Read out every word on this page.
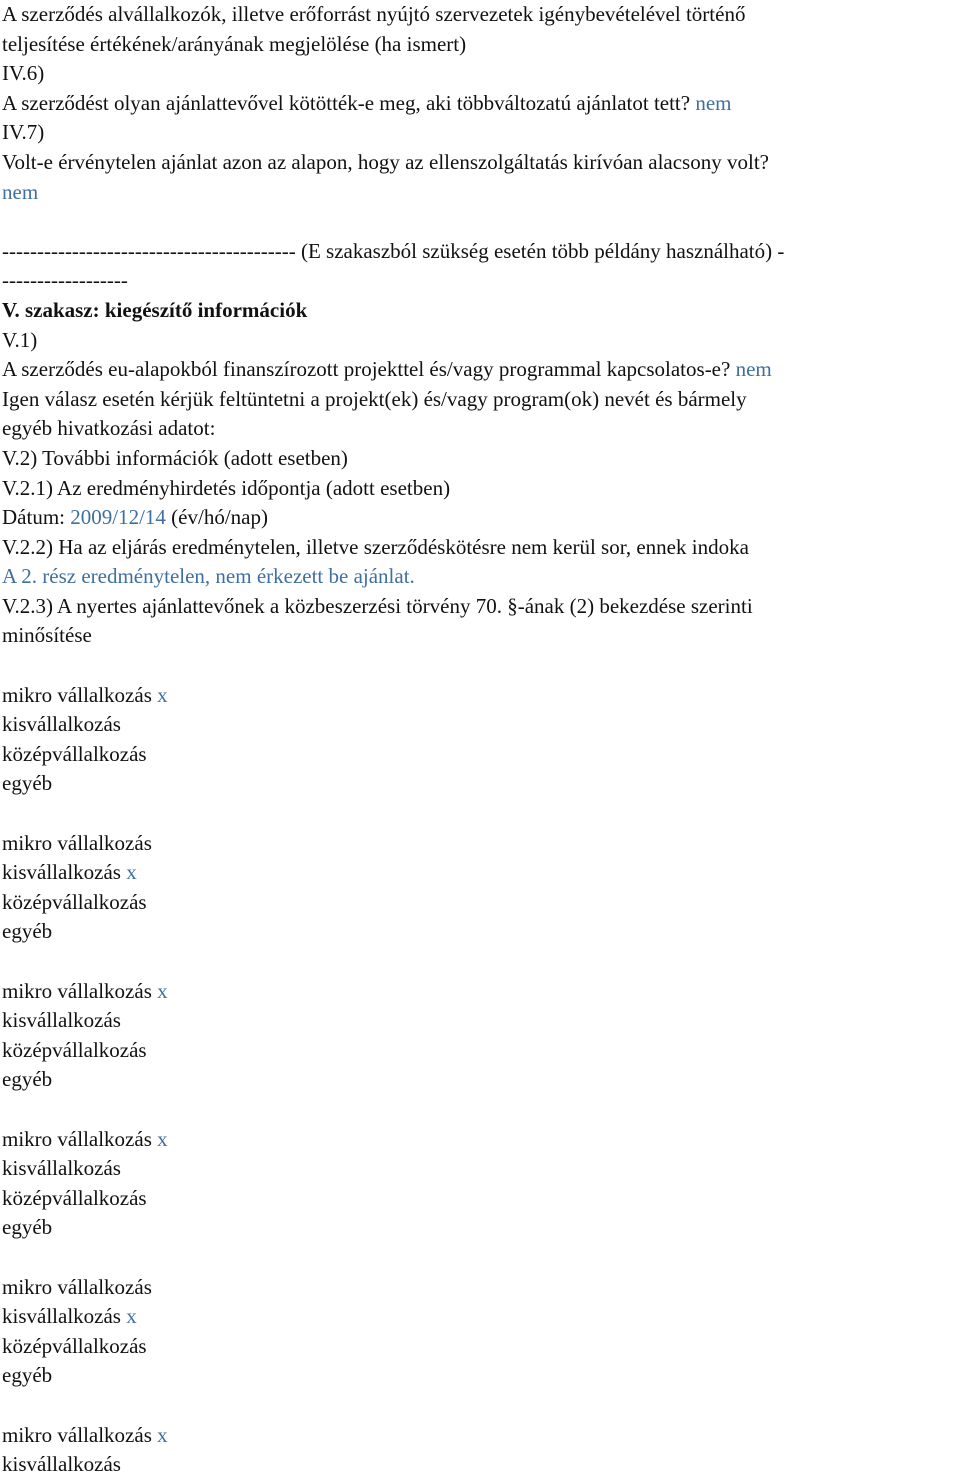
A szerződés alvállalkozók, illetve erőforrást nyújtó szervezetek igénybevételével történő
teljesítése értékének/arányának megjelölése (ha ismert)
IV.6)
A szerződést olyan ajánlattevővel kötötték-e meg, aki többváltozatú ajánlatot tett? nem
IV.7)
Volt-e érvénytelen ajánlat azon az alapon, hogy az ellenszolgáltatás kirívóan alacsony volt?
nem
------------------------------------------ (E szakaszból szükség esetén több példány használható) -
------------------
V. szakasz: kiegészítő információk
V.1)
A szerződés eu-alapokból finanszírozott projekttel és/vagy programmal kapcsolatos-e? nem
Igen válasz esetén kérjük feltüntetni a projekt(ek) és/vagy program(ok) nevét és bármely
egyéb hivatkozási adatot:
V.2) További információk (adott esetben)
V.2.1) Az eredményhirdetés időpontja (adott esetben)
Dátum: 2009/12/14 (év/hó/nap)
V.2.2) Ha az eljárás eredménytelen, illetve szerződéskötésre nem kerül sor, ennek indoka
A 2. rész eredménytelen, nem érkezett be ajánlat.
V.2.3) A nyertes ajánlattevőnek a közbeszerzési törvény 70. §-ának (2) bekezdése szerinti
minősítése
mikro vállalkozás x
kisvállalkozás
középvállalkozás
egyéb
mikro vállalkozás
kisvállalkozás x
középvállalkozás
egyéb
mikro vállalkozás x
kisvállalkozás
középvállalkozás
egyéb
mikro vállalkozás x
kisvállalkozás
középvállalkozás
egyéb
mikro vállalkozás
kisvállalkozás x
középvállalkozás
egyéb
mikro vállalkozás x
kisvállalkozás
